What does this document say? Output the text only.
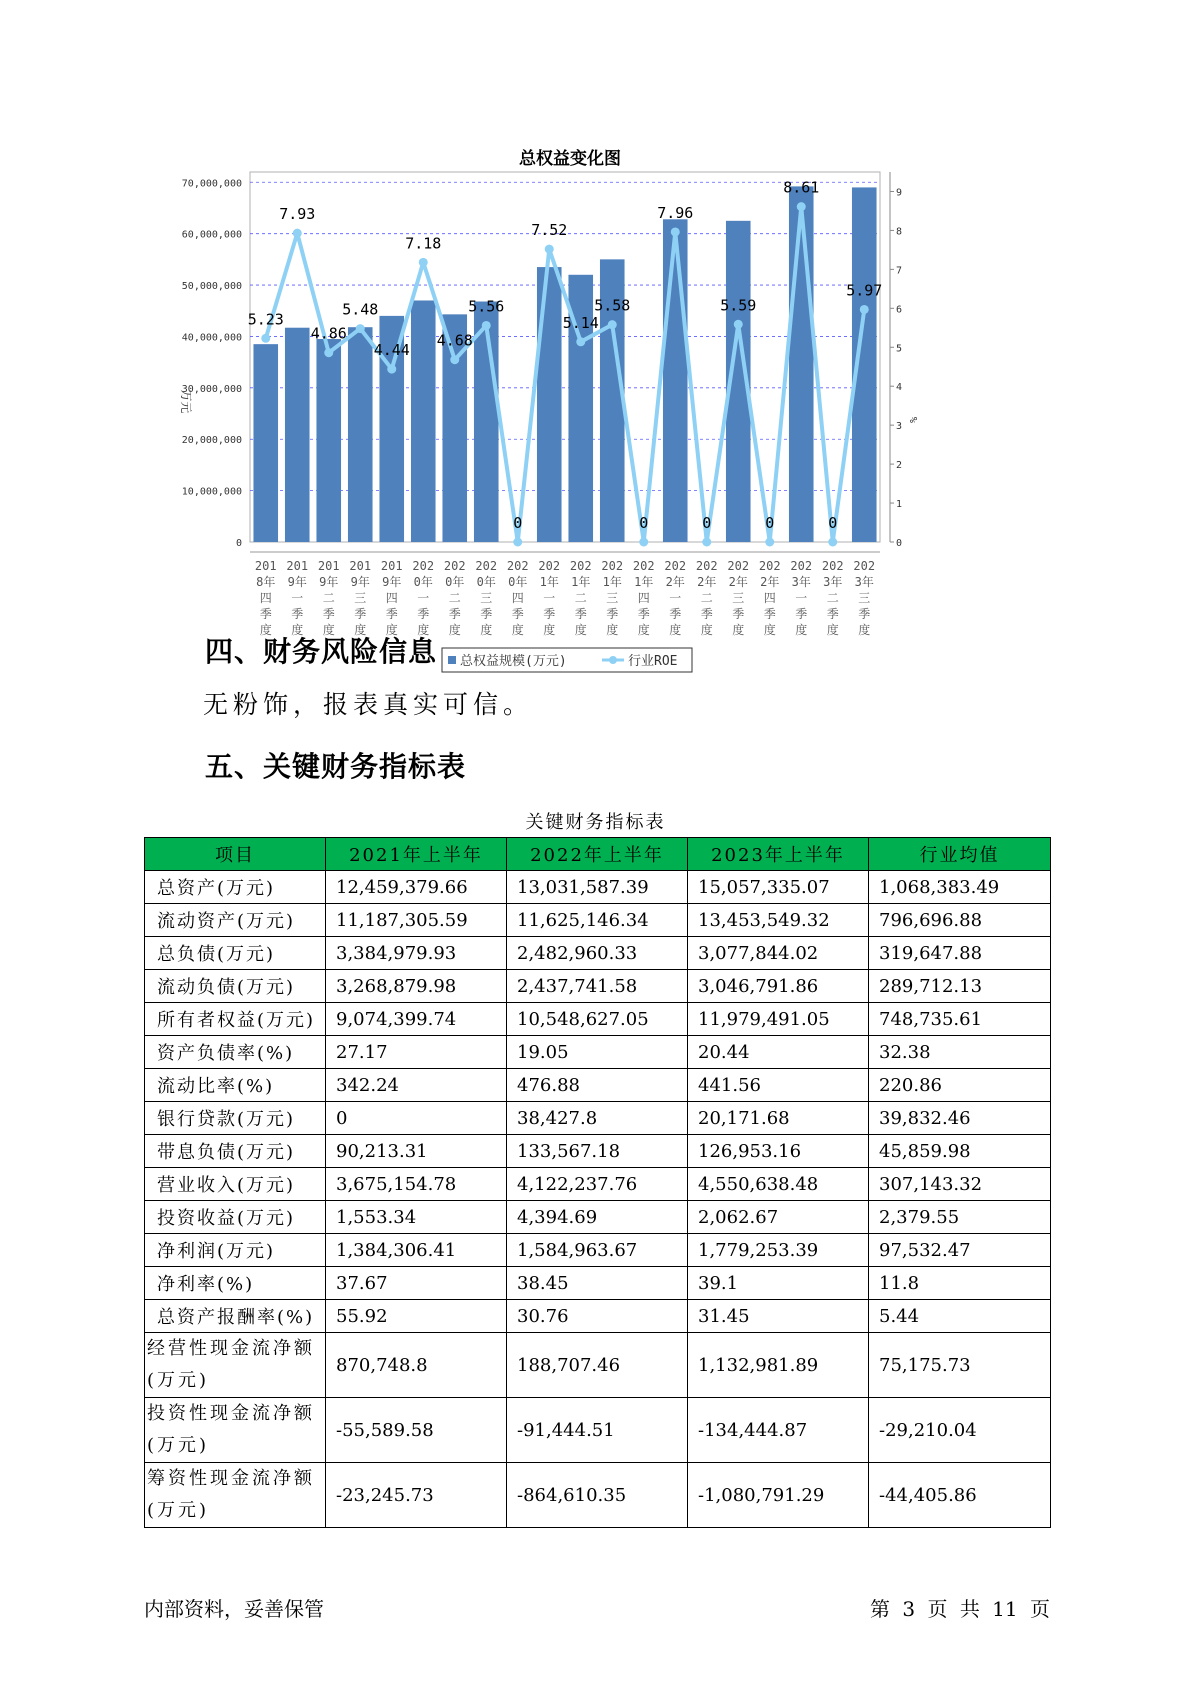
0
10,000,000
20,000,000
30,000,000
40,000,000
50,000,000
60,000,000
70,000,000
0
1
2
3
4
5
6
7
8
9
万元
%
5.23
7.93
4.86
5.48
4.44
7.18
4.68
5.56
0
7.52
5.14
5.58
0
7.96
0
5.59
0
8.61
0
5.97
201
8年
四
季
度
201
9年
一
季
度
201
9年
二
季
度
201
9年
三
季
度
201
9年
四
季
度
202
0年
一
季
度
202
0年
二
季
度
202
0年
三
季
度
202
0年
四
季
度
202
1年
一
季
度
202
1年
二
季
度
202
1年
三
季
度
202
1年
四
季
度
202
2年
一
季
度
202
2年
二
季
度
202
2年
三
季
度
202
2年
四
季
度
202
3年
一
季
度
202
3年
二
季
度
202
3年
三
季
度
总权益规模(万元)	行业ROE
总权益变化图
四、财务风险信息
无粉饰，报表真实可信。
五、关键财务指标表
关键财务指标表
项目	2021年上半年	2022年上半年	2023年上半年	行业均值
总资产(万元)	12,459,379.66	13,031,587.39	15,057,335.07	1,068,383.49
流动资产(万元)	11,187,305.59	11,625,146.34	13,453,549.32	796,696.88
总负债(万元)	3,384,979.93	2,482,960.33	3,077,844.02	319,647.88
流动负债(万元)	3,268,879.98	2,437,741.58	3,046,791.86	289,712.13
所有者权益(万元)	9,074,399.74	10,548,627.05	11,979,491.05	748,735.61
资产负债率(%)	27.17	19.05	20.44	32.38
流动比率(%)	342.24	476.88	441.56	220.86
银行贷款(万元)	0	38,427.8	20,171.68	39,832.46
带息负债(万元)	90,213.31	133,567.18	126,953.16	45,859.98
营业收入(万元)	3,675,154.78	4,122,237.76	4,550,638.48	307,143.32
投资收益(万元)	1,553.34	4,394.69	2,062.67	2,379.55
净利润(万元)	1,384,306.41	1,584,963.67	1,779,253.39	97,532.47
净利率(%)	37.67	38.45	39.1	11.8
总资产报酬率(%)	55.92	30.76	31.45	5.44
经营性现金流净额(万元)	870,748.8	188,707.46	1,132,981.89	75,175.73
投资性现金流净额(万元)	-55,589.58	-91,444.51	-134,444.87	-29,210.04
筹资性现金流净额(万元)	-23,245.73	-864,610.35	-1,080,791.29	-44,405.86
内部资料，妥善保管	第 3 页 共 11 页
